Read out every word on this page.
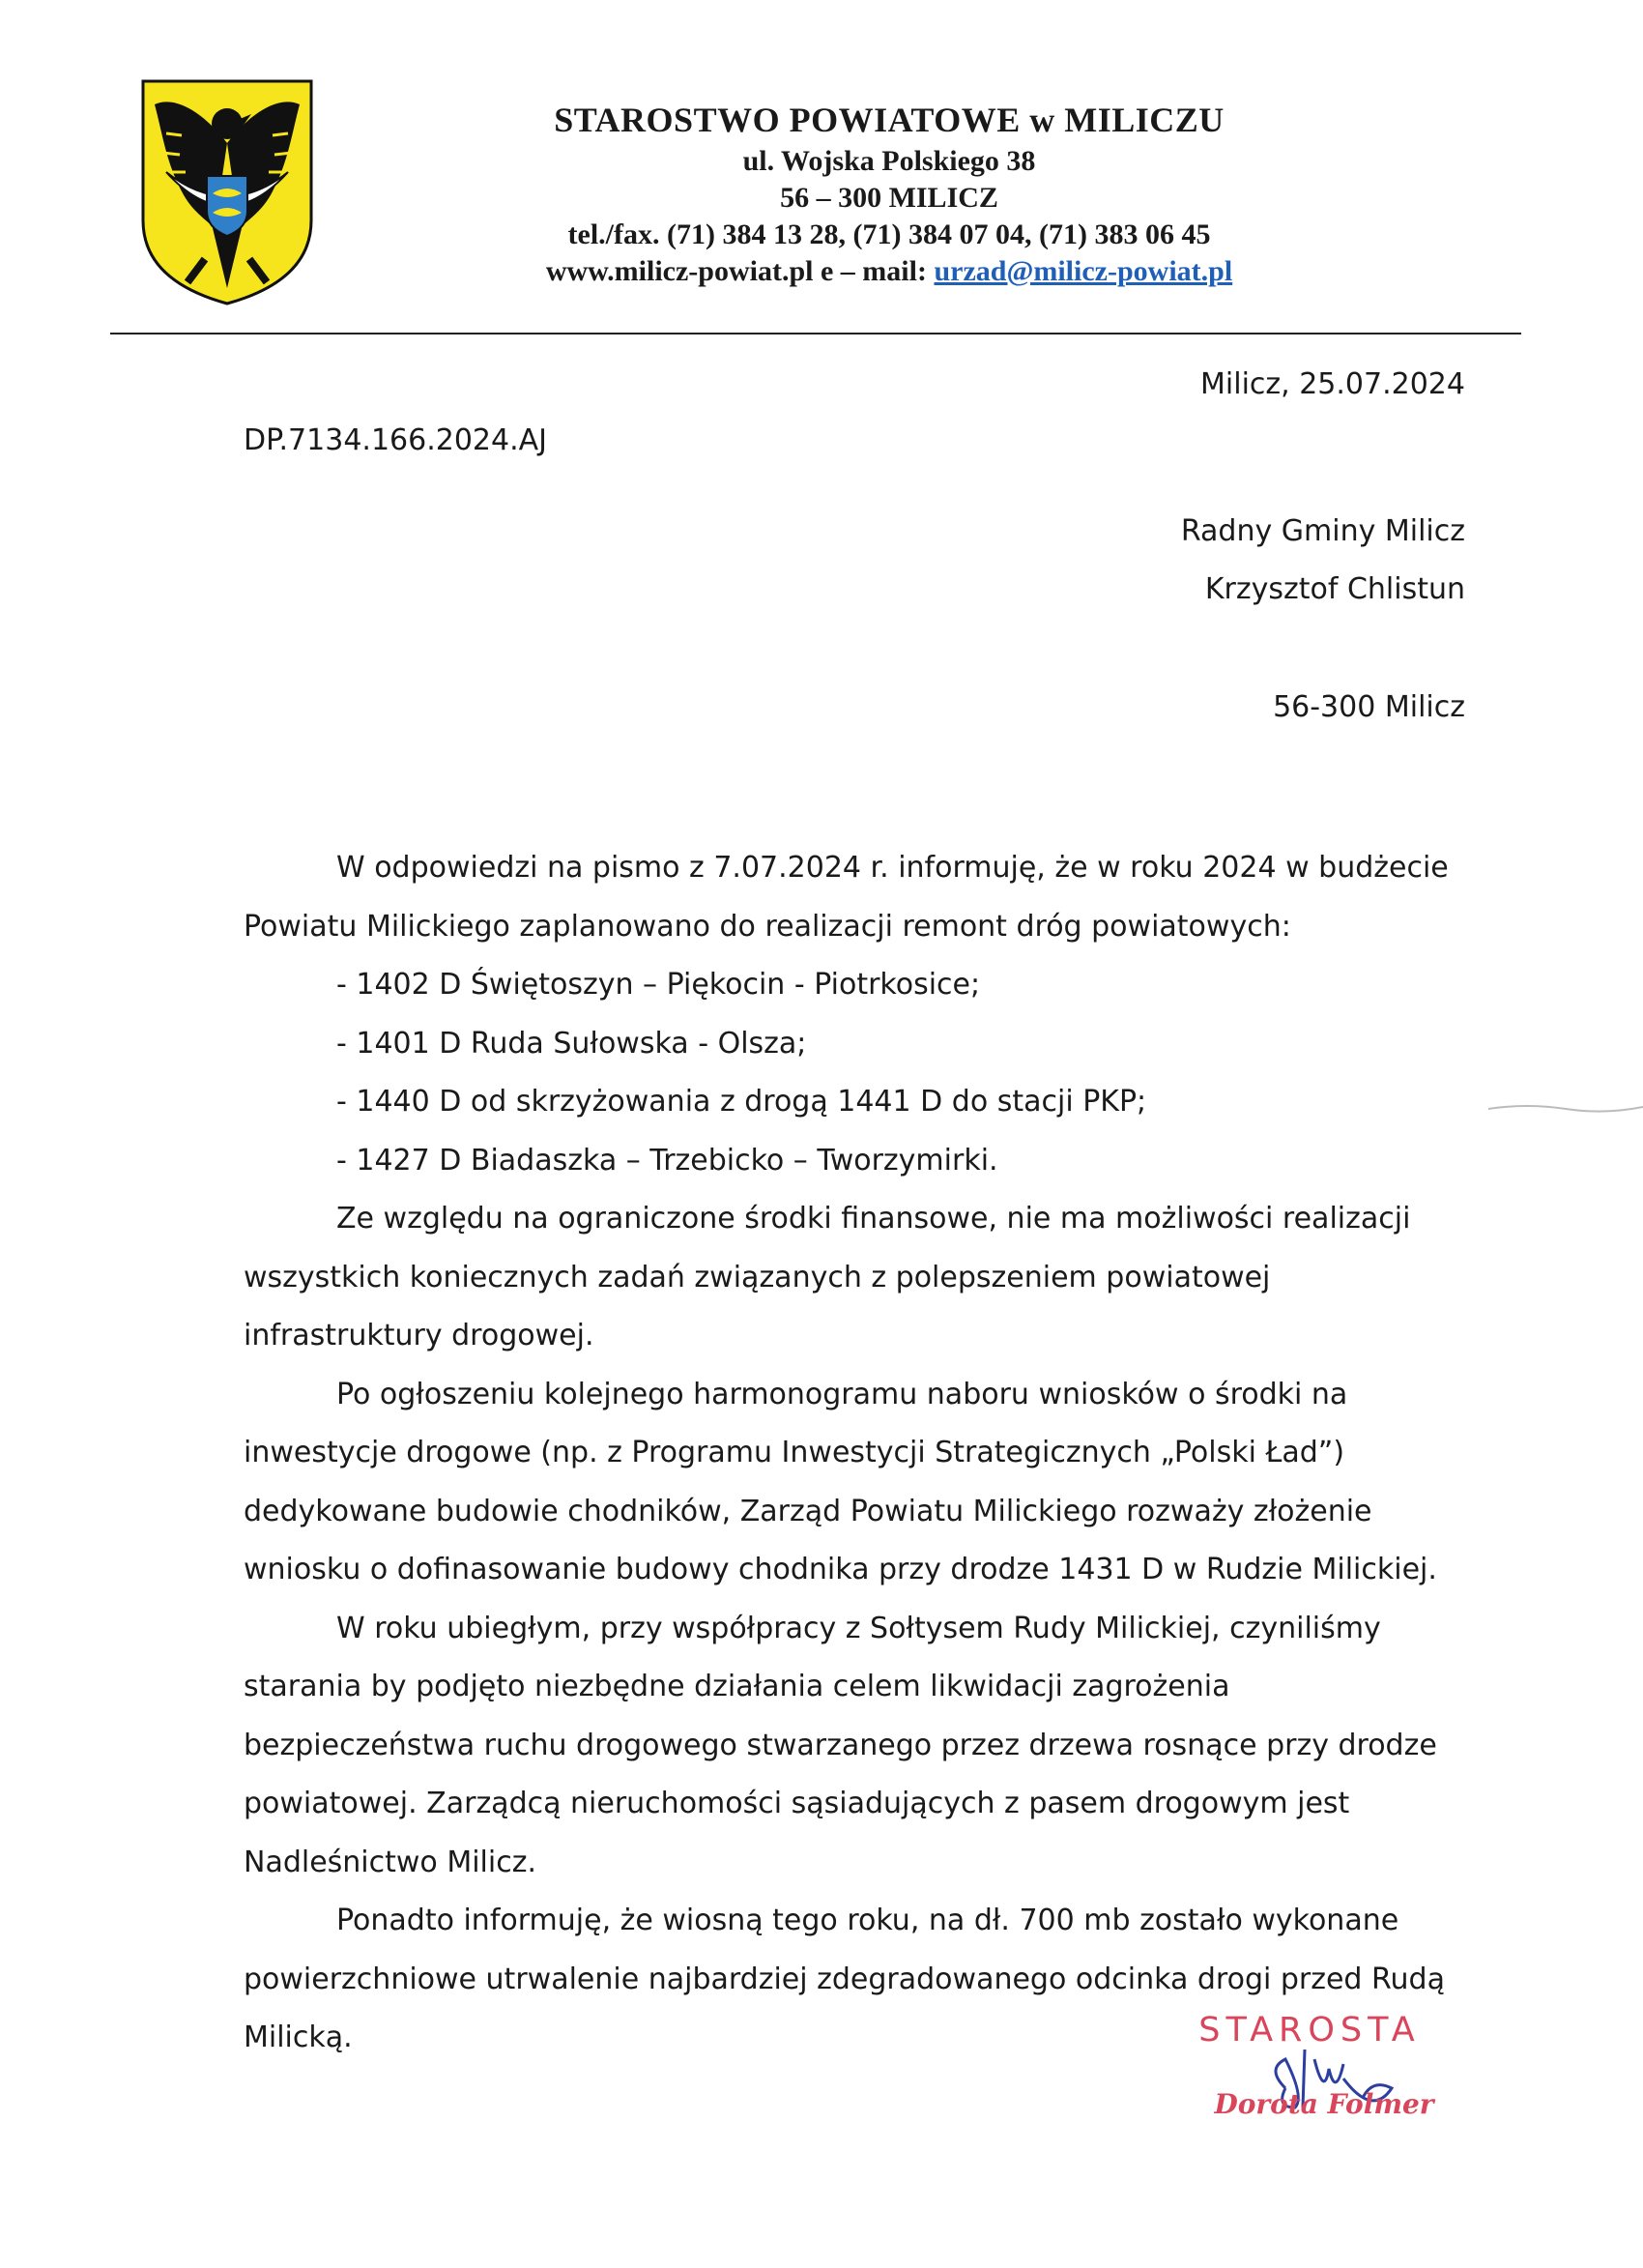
STAROSTWO POWIATOWE w MILICZU
ul. Wojska Polskiego 38
56 – 300 MILICZ
tel./fax. (71) 384 13 28, (71) 384 07 04, (71) 383 06 45
www.milicz-powiat.pl e – mail: urzad@milicz-powiat.pl
Milicz, 25.07.2024
DP.7134.166.2024.AJ
Radny Gminy Milicz
Krzysztof Chlistun
56-300 Milicz

W odpowiedzi na pismo z 7.07.2024 r. informuję, że w roku 2024 w budżecie Powiatu Milickiego zaplanowano do realizacji remont dróg powiatowych:

- 1402 D Świętoszyn – Piękocin - Piotrkosice;

- 1401 D Ruda Sułowska - Olsza;

- 1440 D od skrzyżowania z drogą 1441 D do stacji PKP;

- 1427 D Biadaszka – Trzebicko – Tworzymirki.

Ze względu na ograniczone środki finansowe, nie ma możliwości realizacji wszystkich koniecznych zadań związanych z polepszeniem powiatowej infrastruktury drogowej.

Po ogłoszeniu kolejnego harmonogramu naboru wniosków o środki na inwestycje drogowe (np. z Programu Inwestycji Strategicznych „Polski Ład”) dedykowane budowie chodników, Zarząd Powiatu Milickiego rozważy złożenie wniosku o dofinasowanie budowy chodnika przy drodze 1431 D w Rudzie Milickiej.

W roku ubiegłym, przy współpracy z Sołtysem Rudy Milickiej, czyniliśmy starania by podjęto niezbędne działania celem likwidacji zagrożenia bezpieczeństwa ruchu drogowego stwarzanego przez drzewa rosnące przy drodze powiatowej. Zarządcą nieruchomości sąsiadujących z pasem drogowym jest Nadleśnictwo Milicz.

Ponadto informuję, że wiosną tego roku, na dł. 700 mb zostało wykonane powierzchniowe utrwalenie najbardziej zdegradowanego odcinka drogi przed Rudą Milicką.	STAROSTA
Dorota Folmer
